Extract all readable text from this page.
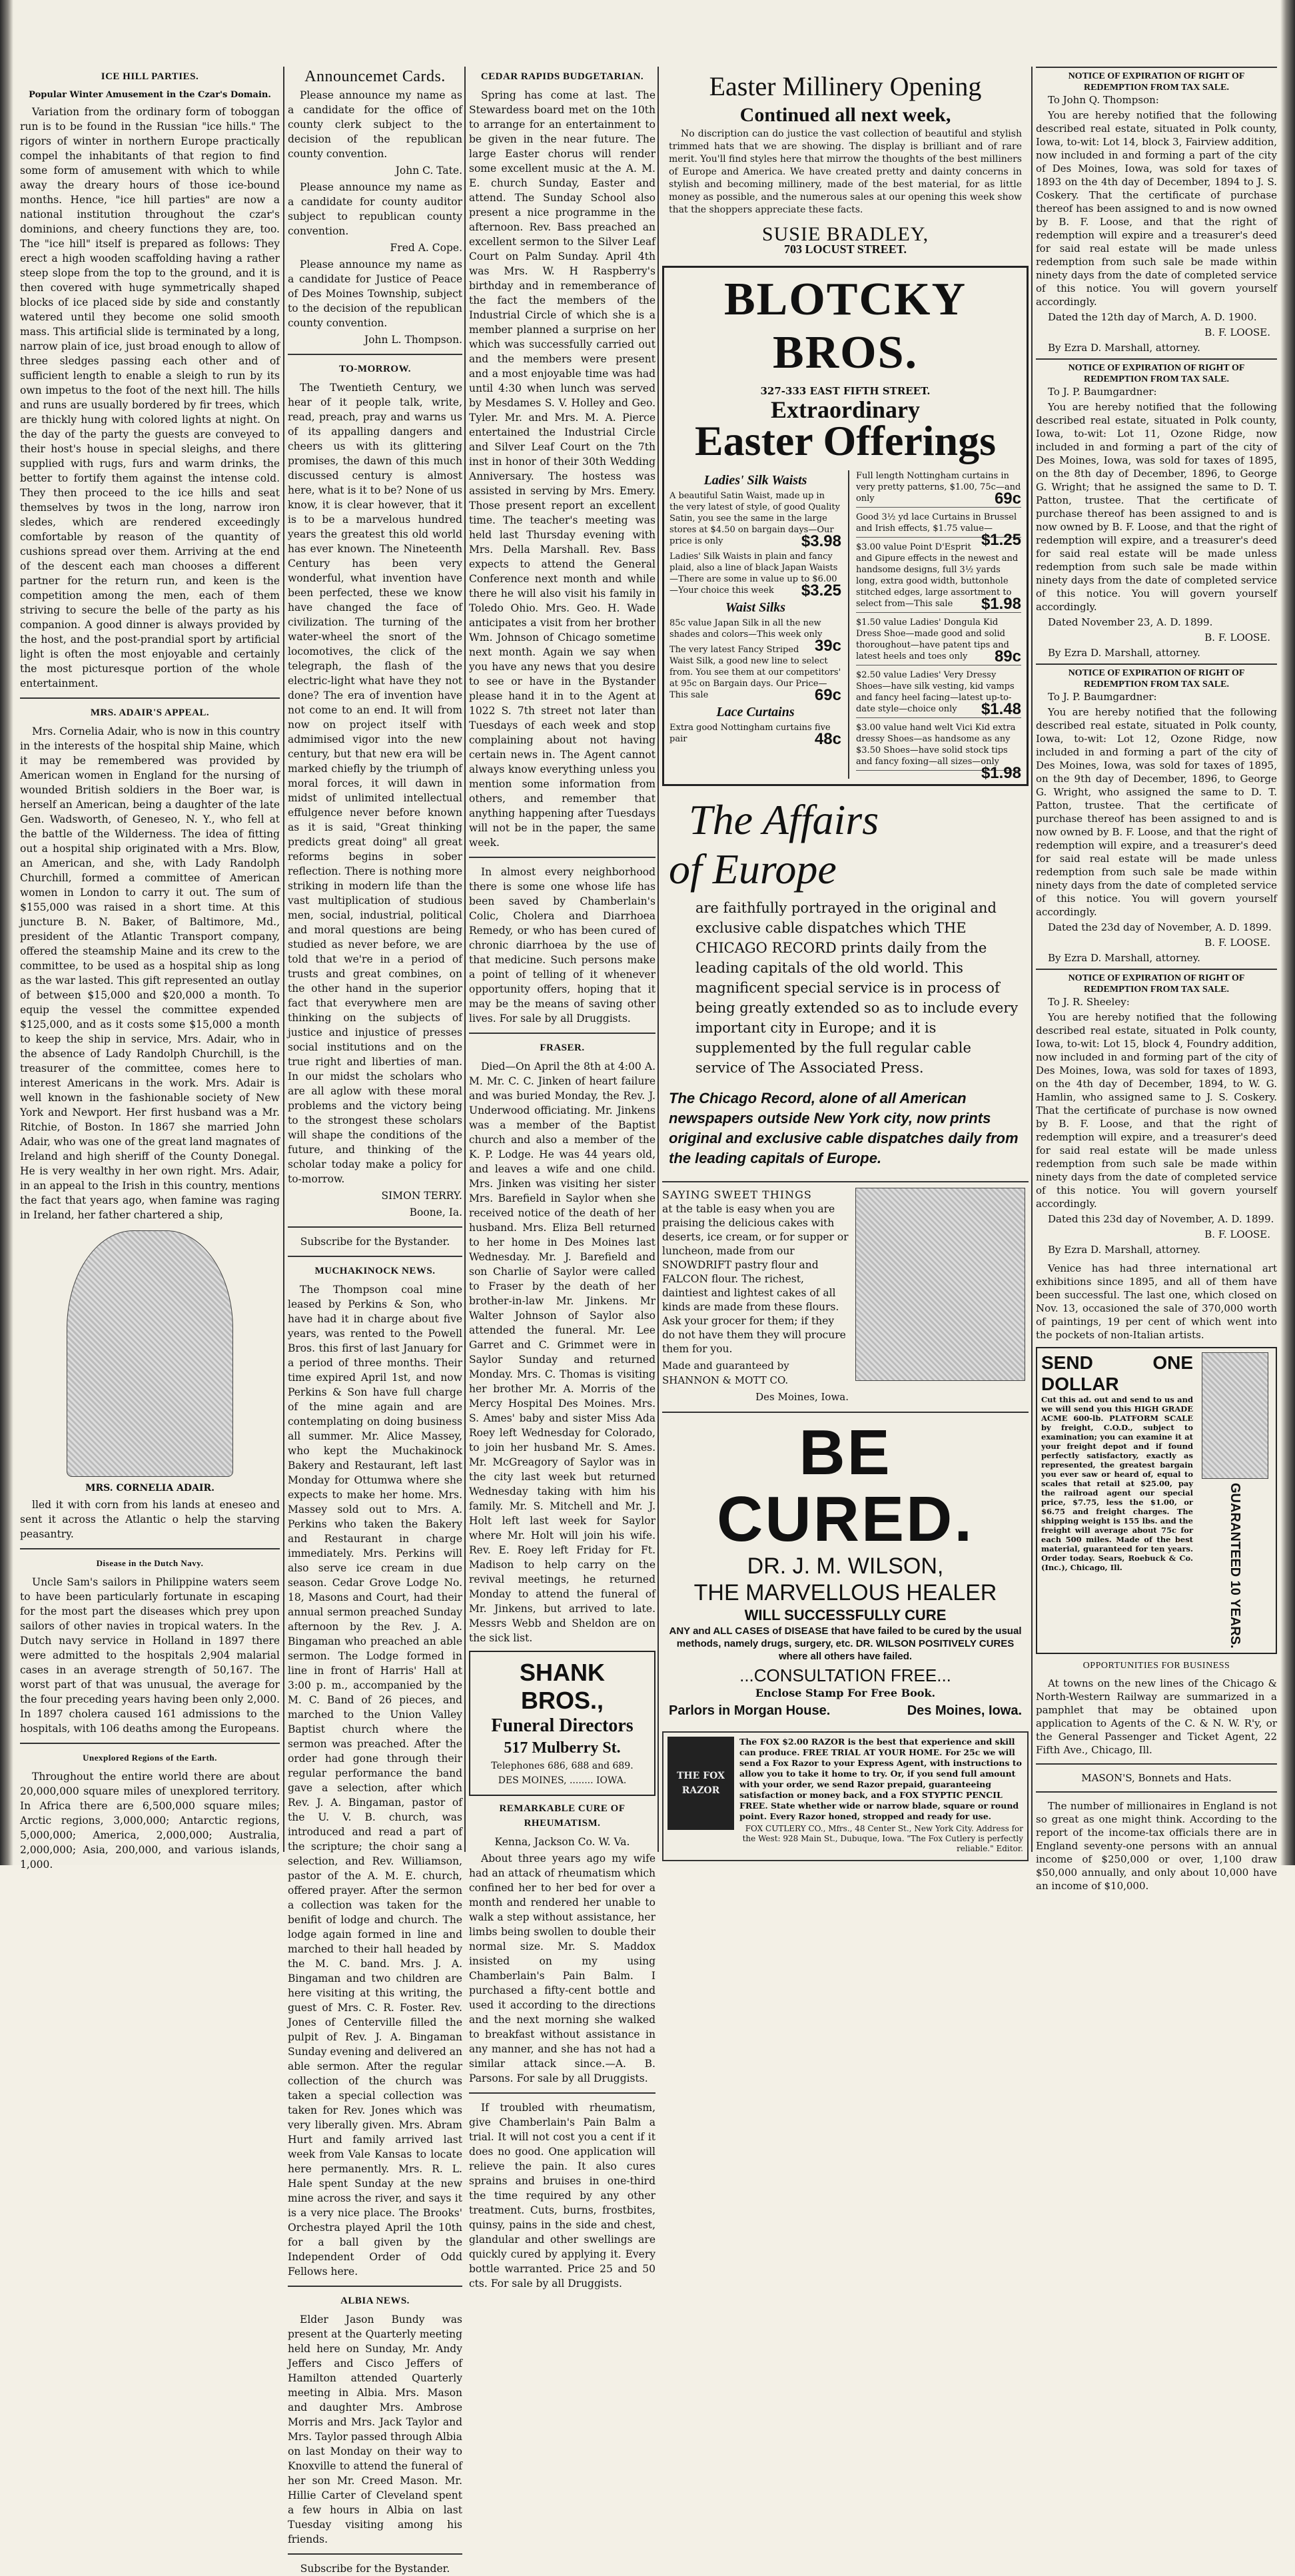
ICE HILL PARTIES.

Popular Winter Amusement in the Czar's Domain.

Variation from the ordinary form of toboggan run is to be found in the Russian "ice hills." The rigors of winter in northern Europe practically compel the inhabitants of that region to find some form of amusement with which to while away the dreary hours of those ice-bound months. Hence, "ice hill parties" are now a national institution throughout the czar's dominions, and cheery functions they are, too. The "ice hill" itself is prepared as follows: They erect a high wooden scaffolding having a rather steep slope from the top to the ground, and it is then covered with huge symmetrically shaped blocks of ice placed side by side and constantly watered until they become one solid smooth mass. This artificial slide is terminated by a long, narrow plain of ice, just broad enough to allow of three sledges passing each other and of sufficient length to enable a sleigh to run by its own impetus to the foot of the next hill. The hills and runs are usually bordered by fir trees, which are thickly hung with colored lights at night. On the day of the party the guests are conveyed to their host's house in special sleighs, and there supplied with rugs, furs and warm drinks, the better to fortify them against the intense cold. They then proceed to the ice hills and seat themselves by twos in the long, narrow iron sledes, which are rendered exceedingly comfortable by reason of the quantity of cushions spread over them. Arriving at the end of the descent each man chooses a different partner for the return run, and keen is the competition among the men, each of them striving to secure the belle of the party as his companion. A good dinner is always provided by the host, and the post-prandial sport by artificial light is often the most enjoyable and certainly the most picturesque portion of the whole entertainment.

MRS. ADAIR'S APPEAL.

Mrs. Cornelia Adair, who is now in this country in the interests of the hospital ship Maine, which it may be remembered was provided by American women in England for the nursing of wounded British soldiers in the Boer war, is herself an American, being a daughter of the late Gen. Wadsworth, of Geneseo, N. Y., who fell at the battle of the Wilderness. The idea of fitting out a hospital ship originated with a Mrs. Blow, an American, and she, with Lady Randolph Churchill, formed a committee of American women in London to carry it out. The sum of $155,000 was raised in a short time. At this juncture B. N. Baker, of Baltimore, Md., president of the Atlantic Transport company, offered the steamship Maine and its crew to the committee, to be used as a hospital ship as long as the war lasted. This gift represented an outlay of between $15,000 and $20,000 a month. To equip the vessel the committee expended $125,000, and as it costs some $15,000 a month to keep the ship in service, Mrs. Adair, who in the absence of Lady Randolph Churchill, is the treasurer of the committee, comes here to interest Americans in the work. Mrs. Adair is well known in the fashionable society of New York and Newport. Her first husband was a Mr. Ritchie, of Boston. In 1867 she married John Adair, who was one of the great land magnates of Ireland and high sheriff of the County Donegal. He is very wealthy in her own right. Mrs. Adair, in an appeal to the Irish in this country, mentions the fact that years ago, when famine was raging in Ireland, her father chartered a ship,

MRS. CORNELIA ADAIR.

lled it with corn from his lands at eneseo and sent it across the Atlantic o help the starving peasantry.

Disease in the Dutch Navy.

Uncle Sam's sailors in Philippine waters seem to have been particularly fortunate in escaping for the most part the diseases which prey upon sailors of other navies in tropical waters. In the Dutch navy service in Holland in 1897 there were admitted to the hospitals 2,904 malarial cases in an average strength of 50,167. The worst part of that was unusual, the average for the four preceding years having been only 2,000. In 1897 cholera caused 161 admissions to the hospitals, with 106 deaths among the Europeans.

Unexplored Regions of the Earth.

Throughout the entire world there are about 20,000,000 square miles of unexplored territory. In Africa there are 6,500,000 square miles; Arctic regions, 3,000,000; Antarctic regions, 5,000,000; America, 2,000,000; Australia, 2,000,000; Asia, 200,000, and various islands, 1,000.

Announcemet Cards.

Please announce my name as a candidate for the office of county clerk subject to the decision of the republican county convention.

John C. Tate.

Please announce my name as a candidate for county auditor subject to republican county convention.

Fred A. Cope.

Please announce my name as a candidate for Justice of Peace of Des Moines Township, subject to the decision of the republican county convention.

John L. Thompson.

TO-MORROW.

The Twentieth Century, we hear of it people talk, write, read, preach, pray and warns us of its appalling dangers and cheers us with its glittering promises, the dawn of this much discussed century is almost here, what is it to be? None of us know, it is clear however, that it is to be a marvelous hundred years the greatest this old world has ever known. The Nineteenth Century has been very wonderful, what invention have been perfected, these we know have changed the face of civilization. The turning of the water-wheel the snort of the locomotives, the click of the telegraph, the flash of the electric-light what have they not done? The era of invention have not come to an end. It will from now on project itself with admimised vigor into the new century, but that new era will be marked chiefly by the triumph of moral forces, it will dawn in midst of unlimited intellectual effulgence never before known as it is said, "Great thinking predicts great doing" all great reforms begins in sober reflection. There is nothing more striking in modern life than the vast multiplication of studious men, social, industrial, political and moral questions are being studied as never before, we are told that we're in a period of trusts and great combines, on the other hand in the superior fact that everywhere men are thinking on the subjects of justice and injustice of presses social institutions and on the true right and liberties of man. In our midst the scholars who are all aglow with these moral problems and the victory being to the strongest these scholars will shape the conditions of the future, and thinking of the scholar today make a policy for to-morrow.

SIMON TERRY.

Boone, Ia.

Subscribe for the Bystander.

MUCHAKINOCK NEWS.

The Thompson coal mine leased by Perkins & Son, who have had it in charge about five years, was rented to the Powell Bros. this first of last January for a period of three months. Their time expired April 1st, and now Perkins & Son have full charge of the mine again and are contemplating on doing business all summer. Mr. Alice Massey, who kept the Muchakinock Bakery and Restaurant, left last Monday for Ottumwa where she expects to make her home. Mrs. Massey sold out to Mrs. A. Perkins who taken the Bakery and Restaurant in charge immediately. Mrs. Perkins will also serve ice cream in due season. Cedar Grove Lodge No. 18, Masons and Court, had their annual sermon preached Sunday afternoon by the Rev. J. A. Bingaman who preached an able sermon. The Lodge formed in line in front of Harris' Hall at 3:00 p. m., accompanied by the M. C. Band of 26 pieces, and marched to the Union Valley Baptist church where the sermon was preached. After the order had gone through their regular performance the band gave a selection, after which Rev. J. A. Bingaman, pastor of the U. V. B. church, was introduced and read a part of the scripture; the choir sang a selection, and Rev. Williamson, pastor of the A. M. E. church, offered prayer. After the sermon a collection was taken for the benifit of lodge and church. The lodge again formed in line and marched to their hall headed by the M. C. band. Mrs. J. A. Bingaman and two children are here visiting at this writing, the guest of Mrs. C. R. Foster. Rev. Jones of Centerville filled the pulpit of Rev. J. A. Bingaman Sunday evening and delivered an able sermon. After the regular collection of the church was taken a special collection was taken for Rev. Jones which was very liberally given. Mrs. Abram Hurt and family arrived last week from Vale Kansas to locate here permanently. Mrs. R. L. Hale spent Sunday at the new mine across the river, and says it is a very nice place. The Brooks' Orchestra played April the 10th for a ball given by the Independent Order of Odd Fellows here.

ALBIA NEWS.

Elder Jason Bundy was present at the Quarterly meeting held here on Sunday, Mr. Andy Jeffers and Cisco Jeffers of Hamilton attended Quarterly meeting in Albia. Mrs. Mason and daughter Mrs. Ambrose Morris and Mrs. Jack Taylor and Mrs. Taylor passed through Albia on last Monday on their way to Knoxville to attend the funeral of her son Mr. Creed Mason. Mr. Hillie Carter of Cleveland spent a few hours in Albia on last Tuesday visiting among his friends.

Subscribe for the Bystander.

CEDAR RAPIDS BUDGETARIAN.

Spring has come at last. The Stewardess board met on the 10th to arrange for an entertainment to be given in the near future. The large Easter chorus will render some excellent music at the A. M. E. church Sunday, Easter and attend. The Sunday School also present a nice programme in the afternoon. Rev. Bass preached an excellent sermon to the Silver Leaf Court on Palm Sunday. April 4th was Mrs. W. H Raspberry's birthday and in rememberance of the fact the members of the Industrial Circle of which she is a member planned a surprise on her which was successfully carried out and the members were present and a most enjoyable time was had until 4:30 when lunch was served by Mesdames S. V. Holley and Geo. Tyler. Mr. and Mrs. M. A. Pierce entertained the Industrial Circle and Silver Leaf Court on the 7th inst in honor of their 30th Wedding Anniversary. The hostess was assisted in serving by Mrs. Emery. Those present report an excellent time. The teacher's meeting was held last Thursday evening with Mrs. Della Marshall. Rev. Bass expects to attend the General Conference next month and while there he will also visit his family in Toledo Ohio. Mrs. Geo. H. Wade anticipates a visit from her brother Wm. Johnson of Chicago sometime next month. Again we say when you have any news that you desire to see or have in the Bystander please hand it in to the Agent at 1022 S. 7th street not later than Tuesdays of each week and stop complaining about not having certain news in. The Agent cannot always know everything unless you mention some information from others, and remember that anything happening after Tuesdays will not be in the paper, the same week.

In almost every neighborhood there is some one whose life has been saved by Chamberlain's Colic, Cholera and Diarrhoea Remedy, or who has been cured of chronic diarrhoea by the use of that medicine. Such persons make a point of telling of it whenever opportunity offers, hoping that it may be the means of saving other lives. For sale by all Druggists.

FRASER.

Died—On April the 8th at 4:00 A. M. Mr. C. C. Jinken of heart failure and was buried Monday, the Rev. J. Underwood officiating. Mr. Jinkens was a member of the Baptist church and also a member of the K. P. Lodge. He was 44 years old, and leaves a wife and one child. Mrs. Jinken was visiting her sister Mrs. Barefield in Saylor when she received notice of the death of her husband. Mrs. Eliza Bell returned to her home in Des Moines last Wednesday. Mr. J. Barefield and son Charlie of Saylor were called to Fraser by the death of her brother-in-law Mr. Jinkens. Mr Walter Johnson of Saylor also attended the funeral. Mr. Lee Garret and C. Grimmet were in Saylor Sunday and returned Monday. Mrs. C. Thomas is visiting her brother Mr. A. Morris of the Mercy Hospital Des Moines. Mrs. S. Ames' baby and sister Miss Ada Roey left Wednesday for Colorado, to join her husband Mr. S. Ames. Mr. McGreagory of Saylor was in the city last week but returned Wednesday taking with him his family. Mr. S. Mitchell and Mr. J. Holt left last week for Saylor where Mr. Holt will join his wife. Rev. E. Roey left Friday for Ft. Madison to help carry on the revival meetings, he returned Monday to attend the funeral of Mr. Jinkens, but arrived to late. Messrs Webb and Sheldon are on the sick list.

SHANK BROS.,
Funeral Directors
517 Mulberry St.
Telephones 686, 688 and 689.
DES MOINES, ........ IOWA.
REMARKABLE CURE OF RHEUMATISM.

Kenna, Jackson Co. W. Va.

About three years ago my wife had an attack of rheumatism which confined her to her bed for over a month and rendered her unable to walk a step without assistance, her limbs being swollen to double their normal size. Mr. S. Maddox insisted on my using Chamberlain's Pain Balm. I purchased a fifty-cent bottle and used it according to the directions and the next morning she walked to breakfast without assistance in any manner, and she has not had a similar attack since.—A. B. Parsons. For sale by all Druggists.

If troubled with rheumatism, give Chamberlain's Pain Balm a trial. It will not cost you a cent if it does no good. One application will relieve the pain. It also cures sprains and bruises in one-third the time required by any other treatment. Cuts, burns, frostbites, quinsy, pains in the side and chest, glandular and other swellings are quickly cured by applying it. Every bottle warranted. Price 25 and 50 cts. For sale by all Druggists.

Easter Millinery Opening
Continued all next week,

No discription can do justice the vast collection of beautiful and stylish trimmed hats that we are showing. The display is brilliant and of rare merit. You'll find styles here that mirrow the thoughts of the best milliners of Europe and America. We have created pretty and dainty concerns in stylish and becoming millinery, made of the best material, for as little money as possible, and the numerous sales at our opening this week show that the shoppers appreciate these facts.

SUSIE BRADLEY,
703 LOCUST STREET.
BLOTCKY BROS.
327-333 EAST FIFTH STREET.
Extraordinary
Easter Offerings
Ladies' Silk Waists
A beautiful Satin Waist, made up in the very latest of style, of good Quality Satin, you see the same in the large stores at $4.50 on bargain days—Our price is only	$3.98
Ladies' Silk Waists in plain and fancy plaid, also a line of black Japan Waists—There are some in value up to $6.00—Your choice this week $3.25
Waist Silks
85c value Japan Silk in all the new shades and colors—This week only
39c
The very latest Fancy Striped Waist Silk, a good new line to select from. You see them at our competitors' at 95c on Bargain days. Our Price—This sale	69c
Lace Curtains
Extra good Nottingham curtains five pair	48c
Full length Nottingham curtains in very pretty patterns, $1.00, 75c—and only	69c
Good 3½ yd lace Curtains in Brussel and Irish effects, $1.75 value—
$1.25
$3.00 value Point D'Esprit and Gipure effects in the newest and handsome designs, full 3½ yards long, extra good width, buttonhole stitched edges, large assortment to select from—This sale $1.98
$1.50 value Ladies' Dongula Kid Dress Shoe—made good and solid thoroughout—have patent tips and latest heels and toes only 89c
$2.50 value Ladies' Very Dressy Shoes—have silk vesting, kid vamps and fancy heel facing—latest up-to-date style—choice only $1.48
$3.00 value hand welt Vici Kid extra dressy Shoes—as handsome as any $3.50 Shoes—have solid stock tips and fancy foxing—all sizes—only
$1.98
The Affairs
of Europe

are faithfully portrayed in the original and exclusive cable dispatches which THE CHICAGO RECORD prints daily from the leading capitals of the old world. This magnificent special service is in process of being greatly extended so as to include every important city in Europe; and it is supplemented by the full regular cable service of The Associated Press.

The Chicago Record, alone of all American newspapers outside New York city, now prints original and exclusive cable dispatches daily from the leading capitals of Europe.

SAYING SWEET THINGS

at the table is easy when you are praising the delicious cakes with deserts, ice cream, or for supper or luncheon, made from our SNOWDRIFT pastry flour and FALCON flour. The richest, daintiest and lightest cakes of all kinds are made from these flours. Ask your grocer for them; if they do not have them they will procure them for you.

Made and guaranteed by SHANNON & MOTT CO.

Des Moines, Iowa.

BE CURED.
DR. J. M. WILSON,
THE MARVELLOUS HEALER
WILL SUCCESSFULLY CURE

ANY and ALL CASES of DISEASE that have failed to be cured by the usual methods, namely drugs, surgery, etc. DR. WILSON POSITIVELY CURES where all others have failed.

...CONSULTATION FREE...
Enclose Stamp For Free Book.
Parlors in Morgan House.	Des Moines, Iowa.
THE FOX RAZOR

The FOX $2.00 RAZOR is the best that experience and skill can produce. FREE TRIAL AT YOUR HOME. For 25c we will send a Fox Razor to your Express Agent, with instructions to allow you to take it home to try. Or, if you send full amount with your order, we send Razor prepaid, guaranteeing satisfaction or money back, and a FOX STYPTIC PENCIL FREE. State whether wide or narrow blade, square or round point. Every Razor honed, stropped and ready for use.

FOX CUTLERY CO., Mfrs., 48 Center St., New York City. Address for the West: 928 Main St., Dubuque, Iowa. "The Fox Cutlery is perfectly reliable." Editor.

NOTICE OF EXPIRATION OF RIGHT OF REDEMPTION FROM TAX SALE.

To John Q. Thompson:

You are hereby notified that the following described real estate, situated in Polk county, Iowa, to-wit: Lot 14, block 3, Fairview addition, now included in and forming a part of the city of Des Moines, Iowa, was sold for taxes of 1893 on the 4th day of December, 1894 to J. S. Coskery. That the certificate of purchase thereof has been assigned to and is now owned by B. F. Loose, and that the right of redemption will expire and a treasurer's deed for said real estate will be made unless redemption from such sale be made within ninety days from the date of completed service of this notice. You will govern yourself accordingly.

Dated the 12th day of March, A. D. 1900.

B. F. LOOSE.

By Ezra D. Marshall, attorney.

NOTICE OF EXPIRATION OF RIGHT OF REDEMPTION FROM TAX SALE.

To J. P. Baumgardner:

You are hereby notified that the following described real estate, situated in Polk county, Iowa, to-wit: Lot 11, Ozone Ridge, now included in and forming a part of the city of Des Moines, Iowa, was sold for taxes of 1895, on the 8th day of December, 1896, to George G. Wright; that he assigned the same to D. T. Patton, trustee. That the certificate of purchase thereof has been assigned to and is now owned by B. F. Loose, and that the right of redemption will expire, and a treasurer's deed for said real estate will be made unless redemption from such sale be made within ninety days from the date of completed service of this notice. You will govern yourself accordingly.

Dated November 23, A. D. 1899.

B. F. LOOSE.

By Ezra D. Marshall, attorney.

NOTICE OF EXPIRATION OF RIGHT OF REDEMPTION FROM TAX SALE.

To J. P. Baumgardner:

You are hereby notified that the following described real estate, situated in Polk county, Iowa, to-wit: Lot 12, Ozone Ridge, now included in and forming a part of the city of Des Moines, Iowa, was sold for taxes of 1895, on the 9th day of December, 1896, to George G. Wright, who assigned the same to D. T. Patton, trustee. That the certificate of purchase thereof has been assigned to and is now owned by B. F. Loose, and that the right of redemption will expire, and a treasurer's deed for said real estate will be made unless redemption from such sale be made within ninety days from the date of completed service of this notice. You will govern yourself accordingly.

Dated the 23d day of November, A. D. 1899.

B. F. LOOSE.

By Ezra D. Marshall, attorney.

NOTICE OF EXPIRATION OF RIGHT OF REDEMPTION FROM TAX SALE.

To J. R. Sheeley:

You are hereby notified that the following described real estate, situated in Polk county, Iowa, to-wit: Lot 15, block 4, Foundry addition, now included in and forming part of the city of Des Moines, Iowa, was sold for taxes of 1893, on the 4th day of December, 1894, to W. G. Hamlin, who assigned same to J. S. Coskery. That the certificate of purchase is now owned by B. F. Loose, and that the right of redemption will expire, and a treasurer's deed for said real estate will be made unless redemption from such sale be made within ninety days from the date of completed service of this notice. You will govern yourself accordingly.

Dated this 23d day of November, A. D. 1899.

B. F. LOOSE.

By Ezra D. Marshall, attorney.

Venice has had three international art exhibitions since 1895, and all of them have been successful. The last one, which closed on Nov. 13, occasioned the sale of 370,000 worth of paintings, 19 per cent of which went into the pockets of non-Italian artists.

SEND ONE DOLLAR

Cut this ad. out and send to us and we will send you this HIGH GRADE ACME 600-lb. PLATFORM SCALE by freight, C.O.D., subject to examination; you can examine it at your freight depot and if found perfectly satisfactory, exactly as represented, the greatest bargain you ever saw or heard of, equal to scales that retail at $25.00, pay the railroad agent our special price, $7.75, less the $1.00, or $6.75 and freight charges. The shipping weight is 155 lbs. and the freight will average about 75c for each 500 miles. Made of the best material, guaranteed for ten years. Order today. Sears, Roebuck & Co. (Inc.), Chicago, Ill.	GUARANTEED 10 YEARS.
OPPORTUNITIES FOR BUSINESS

At towns on the new lines of the Chicago & North-Western Railway are summarized in a pamphlet that may be obtained upon application to Agents of the C. & N. W. R'y, or the General Passenger and Ticket Agent, 22 Fifth Ave., Chicago, Ill.

MASON'S, Bonnets and Hats.

The number of millionaires in England is not so great as one might think. According to the report of the income-tax officials there are in England seventy-one persons with an annual income of $250,000 or over, 1,100 draw $50,000 annually, and only about 10,000 have an income of $10,000.
